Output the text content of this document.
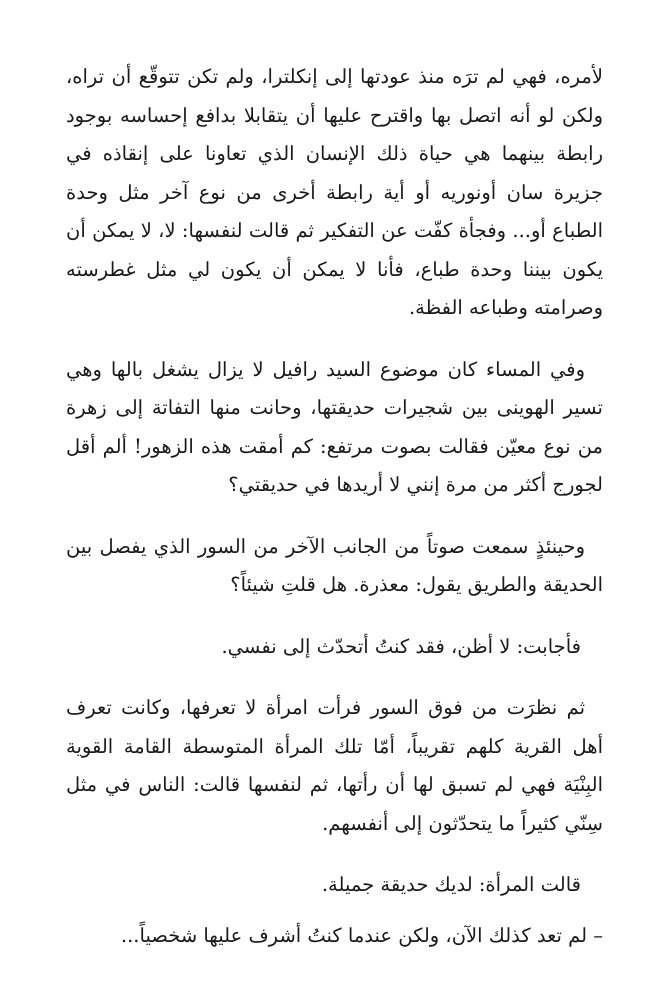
لأمره، فهي لم ترَه منذ عودتها إلى إنكلترا، ولم تكن تتوقّع أن تراه، ولكن لو أنه اتصل بها واقترح عليها أن يتقابلا بدافع إحساسه بوجود رابطة بينهما هي حياة ذلك الإنسان الذي تعاونا على إنقاذه في جزيرة سان أونوريه أو أية رابطة أخرى من نوع آخر مثل وحدة الطباع أو... وفجأة كفّت عن التفكير ثم قالت لنفسها: لا، لا يمكن أن يكون بيننا وحدة طباع، فأنا لا يمكن أن يكون لي مثل غطرسته وصرامته وطباعه الفظة.

وفي المساء كان موضوع السيد رافيل لا يزال يشغل بالها وهي تسير الهوينى بين شجيرات حديقتها، وحانت منها التفاتة إلى زهرة من نوع معيّن فقالت بصوت مرتفع: كم أمقت هذه الزهور! ألم أقل لجورج أكثر من مرة إنني لا أريدها في حديقتي؟

وحينئذٍ سمعت صوتاً من الجانب الآخر من السور الذي يفصل بين الحديقة والطريق يقول: معذرة. هل قلتِ شيئاً؟

فأجابت: لا أظن، فقد كنتُ أتحدّث إلى نفسي.

ثم نظرَت من فوق السور فرأت امرأة لا تعرفها، وكانت تعرف أهل القرية كلهم تقريباً، أمّا تلك المرأة المتوسطة القامة القوية البِنْيَة فهي لم تسبق لها أن رأتها، ثم لنفسها قالت: الناس في مثل سِنّي كثيراً ما يتحدّثون إلى أنفسهم.

قالت المرأة: لديك حديقة جميلة.

– لم تعد كذلك الآن، ولكن عندما كنتُ أشرف عليها شخصياً...
